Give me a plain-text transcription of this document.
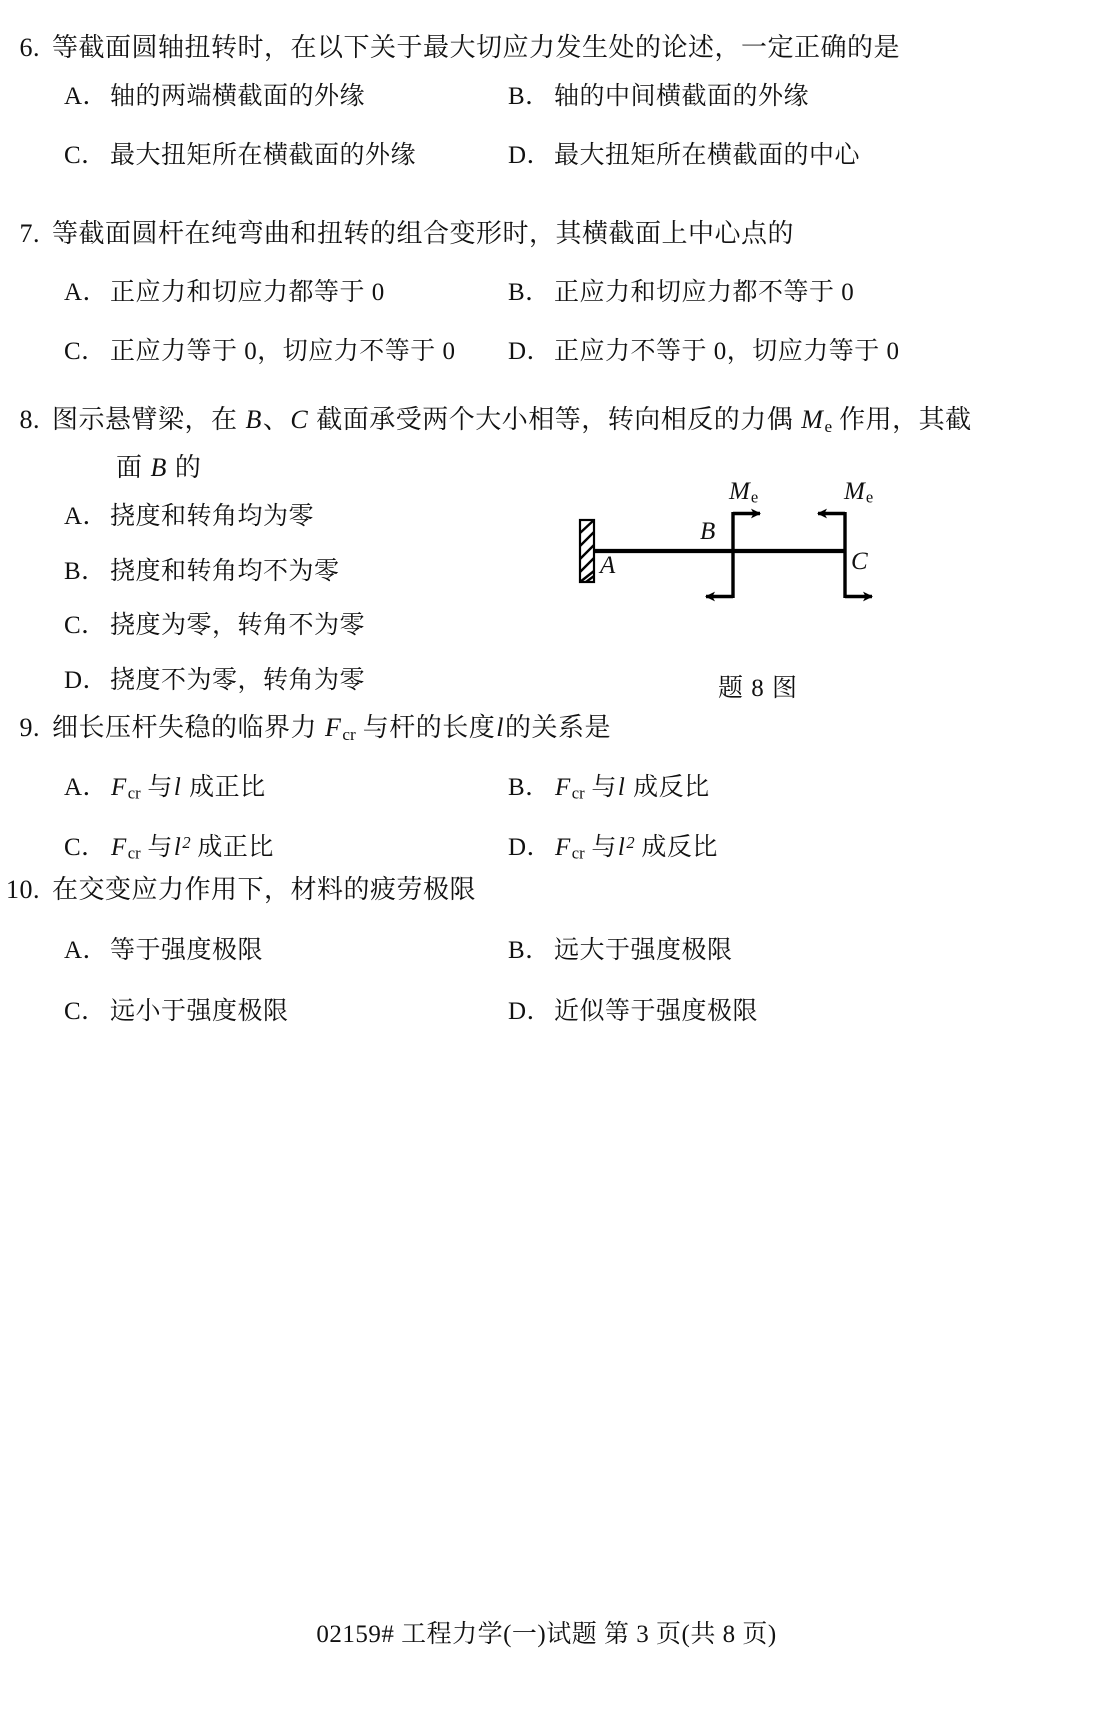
6. 等截面圆轴扭转时，在以下关于最大切应力发生处的论述，一定正确的是
A． 轴的两端横截面的外缘	B． 轴的中间横截面的外缘
C． 最大扭矩所在横截面的外缘	D． 最大扭矩所在横截面的中心
7. 等截面圆杆在纯弯曲和扭转的组合变形时，其横截面上中心点的
A． 正应力和切应力都等于 0	B． 正应力和切应力都不等于 0
C． 正应力等于 0，切应力不等于 0 D． 正应力不等于 0，切应力等于 0
8. 图示悬臂梁，在 B、C 截面承受两个大小相等，转向相反的力偶 $M_e$ 作用，其截
面 B 的
A． 挠度和转角均为零
B． 挠度和转角均不为零
C． 挠度为零，转角不为零
D． 挠度不为零，转角为零
A
B
C
$M_e$	$M_e$
题 8 图
9. 细长压杆失稳的临界力 $F_{cr}$ 与杆的长度l的关系是
A． $F_{cr}$ 与l 成正比	B． $F_{cr}$ 与l 成反比
C． $F_{cr}$ 与$l^2$ 成正比	D． $F_{cr}$ 与$l^2$ 成反比
10. 在交变应力作用下，材料的疲劳极限
A． 等于强度极限	B． 远大于强度极限
C． 远小于强度极限	D． 近似等于强度极限
02159# 工程力学(一)试题 第 3 页(共 8 页)
